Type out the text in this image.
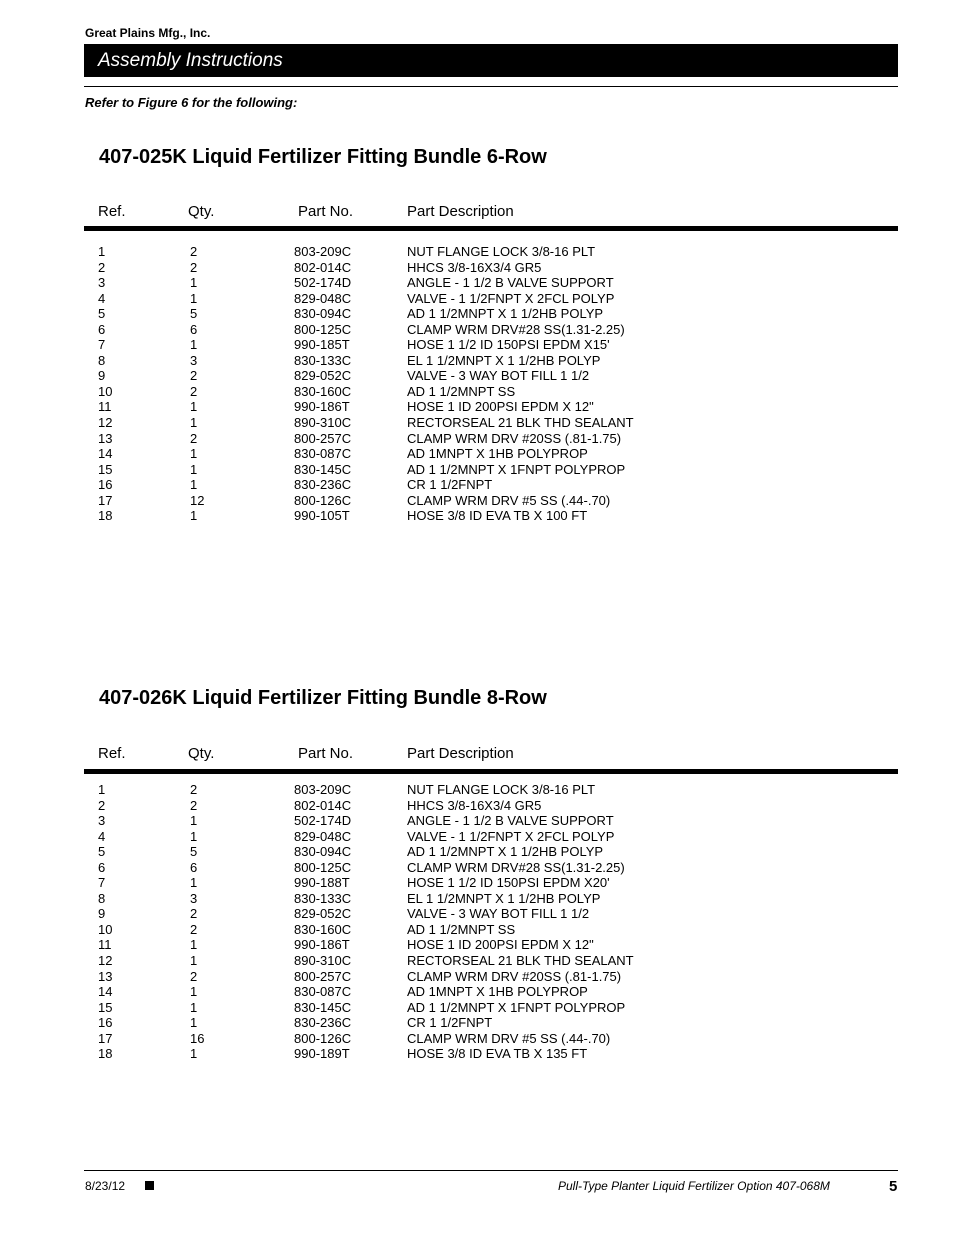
Great Plains Mfg., Inc.
Assembly Instructions
Refer to Figure 6 for the following:
407-025K Liquid Fertilizer Fitting Bundle 6-Row
Ref.	Qty.	Part No.	Part Description
1	2	803-209C	NUT FLANGE LOCK 3/8-16 PLT
2	2	802-014C	HHCS 3/8-16X3/4 GR5
3	1	502-174D	ANGLE - 1 1/2 B VALVE SUPPORT
4	1	829-048C	VALVE - 1 1/2FNPT X 2FCL POLYP
5	5	830-094C	AD 1 1/2MNPT X 1 1/2HB POLYP
6	6	800-125C	CLAMP WRM DRV#28 SS(1.31-2.25)
7	1	990-185T	HOSE 1 1/2 ID 150PSI EPDM X15'
8	3	830-133C	EL 1 1/2MNPT X 1 1/2HB POLYP
9	2	829-052C	VALVE - 3 WAY BOT FILL 1 1/2
10	2	830-160C	AD 1 1/2MNPT SS
11	1	990-186T	HOSE 1 ID 200PSI EPDM X 12"
12	1	890-310C	RECTORSEAL 21 BLK THD SEALANT
13	2	800-257C	CLAMP WRM DRV #20SS (.81-1.75)
14	1	830-087C	AD 1MNPT X 1HB POLYPROP
15	1	830-145C	AD 1 1/2MNPT X 1FNPT POLYPROP
16	1	830-236C	CR 1 1/2FNPT
17	12	800-126C	CLAMP WRM DRV #5 SS (.44-.70)
18	1	990-105T	HOSE 3/8 ID EVA TB X 100 FT
407-026K Liquid Fertilizer Fitting Bundle 8-Row
Ref.	Qty.	Part No.	Part Description
1	2	803-209C	NUT FLANGE LOCK 3/8-16 PLT
2	2	802-014C	HHCS 3/8-16X3/4 GR5
3	1	502-174D	ANGLE - 1 1/2 B VALVE SUPPORT
4	1	829-048C	VALVE - 1 1/2FNPT X 2FCL POLYP
5	5	830-094C	AD 1 1/2MNPT X 1 1/2HB POLYP
6	6	800-125C	CLAMP WRM DRV#28 SS(1.31-2.25)
7	1	990-188T	HOSE 1 1/2 ID 150PSI EPDM X20'
8	3	830-133C	EL 1 1/2MNPT X 1 1/2HB POLYP
9	2	829-052C	VALVE - 3 WAY BOT FILL 1 1/2
10	2	830-160C	AD 1 1/2MNPT SS
11	1	990-186T	HOSE 1 ID 200PSI EPDM X 12"
12	1	890-310C	RECTORSEAL 21 BLK THD SEALANT
13	2	800-257C	CLAMP WRM DRV #20SS (.81-1.75)
14	1	830-087C	AD 1MNPT X 1HB POLYPROP
15	1	830-145C	AD 1 1/2MNPT X 1FNPT POLYPROP
16	1	830-236C	CR 1 1/2FNPT
17	16	800-126C	CLAMP WRM DRV #5 SS (.44-.70)
18	1	990-189T	HOSE 3/8 ID EVA TB X 135 FT
8/23/12	Pull-Type Planter Liquid Fertilizer Option 407-068M	5
